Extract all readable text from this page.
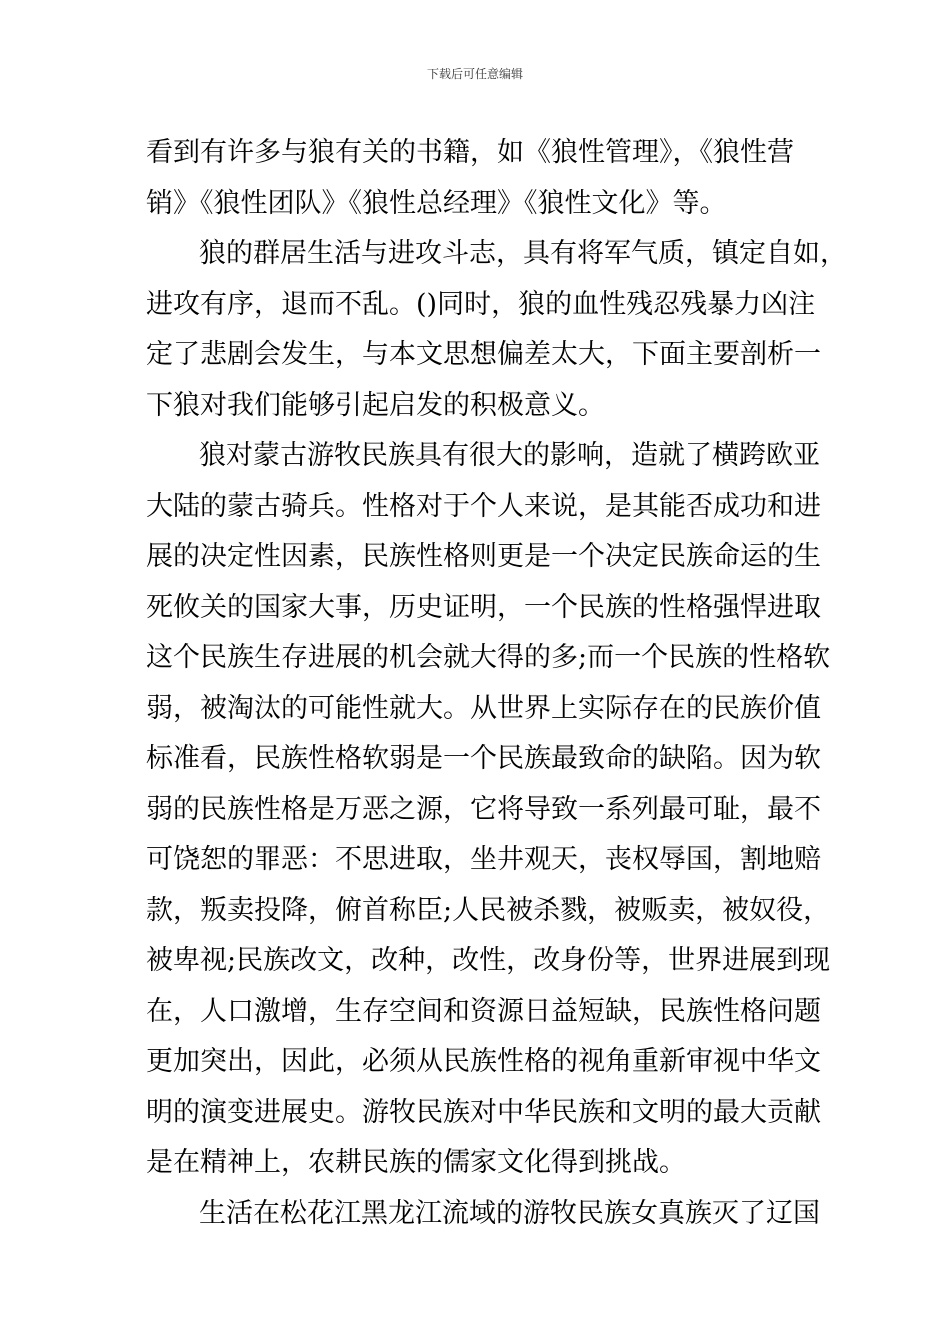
下载后可任意编辑
看到有许多与狼有关的书籍，如《狼性管理》，《狼性营
销》《狼性团队》《狼性总经理》《狼性文化》等。
狼的群居生活与进攻斗志，具有将军气质，镇定自如，
进攻有序，退而不乱。()同时，狼的血性残忍残暴力凶注
定了悲剧会发生，与本文思想偏差太大，下面主要剖析一
下狼对我们能够引起启发的积极意义。
狼对蒙古游牧民族具有很大的影响，造就了横跨欧亚
大陆的蒙古骑兵。性格对于个人来说，是其能否成功和进
展的决定性因素，民族性格则更是一个决定民族命运的生
死攸关的国家大事，历史证明，一个民族的性格强悍进取
这个民族生存进展的机会就大得的多;而一个民族的性格软
弱，被淘汰的可能性就大。从世界上实际存在的民族价值
标准看，民族性格软弱是一个民族最致命的缺陷。因为软
弱的民族性格是万恶之源，它将导致一系列最可耻，最不
可饶恕的罪恶：不思进取，坐井观天，丧权辱国，割地赔
款，叛卖投降，俯首称臣;人民被杀戮，被贩卖，被奴役，
被卑视;民族改文，改种，改性，改身份等，世界进展到现
在，人口激增，生存空间和资源日益短缺，民族性格问题
更加突出，因此，必须从民族性格的视角重新审视中华文
明的演变进展史。游牧民族对中华民族和文明的最大贡献
是在精神上，农耕民族的儒家文化得到挑战。
生活在松花江黑龙江流域的游牧民族女真族灭了辽国
